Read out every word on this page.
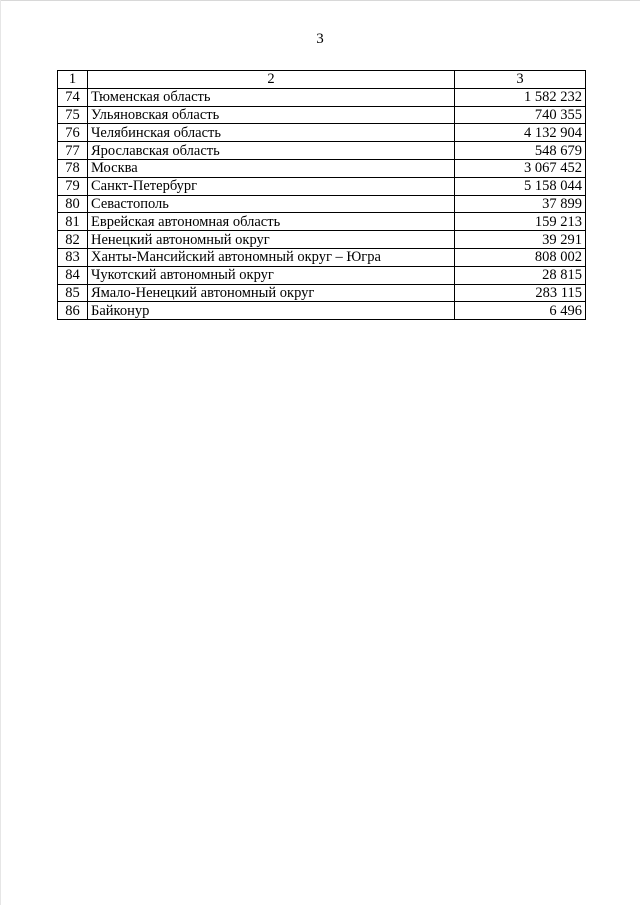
3
1	2	3
74	Тюменская область	1 582 232
75	Ульяновская область	740 355
76	Челябинская область	4 132 904
77	Ярославская область	548 679
78	Москва	3 067 452
79	Санкт-Петербург	5 158 044
80	Севастополь	37 899
81	Еврейская автономная область	159 213
82	Ненецкий автономный округ	39 291
83	Ханты-Мансийский автономный округ – Югра	808 002
84	Чукотский автономный округ	28 815
85	Ямало-Ненецкий автономный округ	283 115
86	Байконур	6 496
